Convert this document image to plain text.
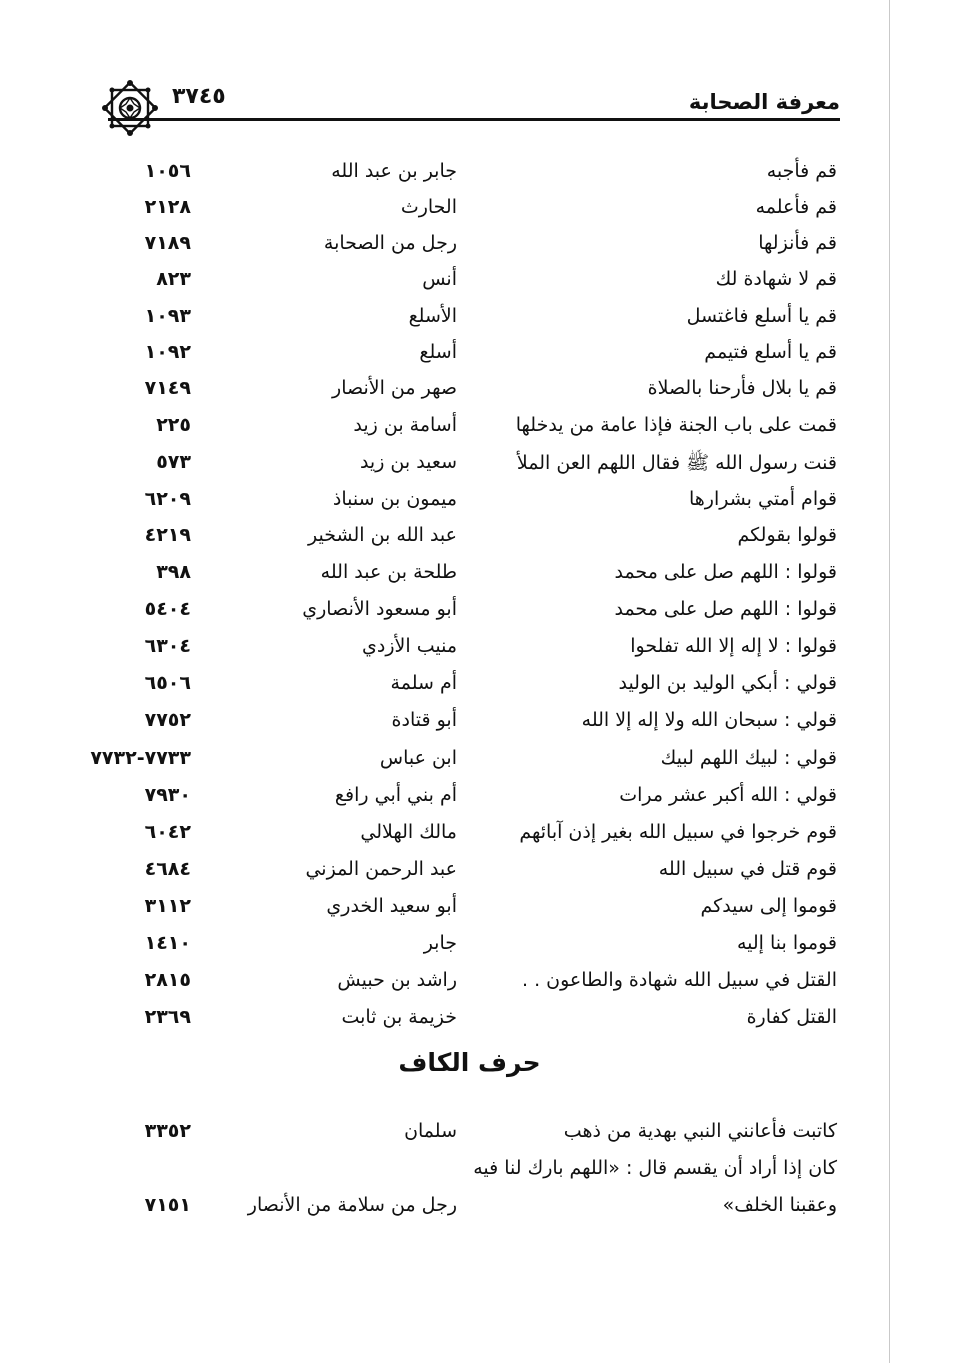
٣٧٤٥	معرفة الصحابة
قم فأجبه
جابر بن عبد الله
١٠٥٦
قم فأعلمه
الحارث
٢١٢٨
قم فأنزلها
رجل من الصحابة
٧١٨٩
قم لا شهادة لك
أنس
٨٢٣
قم يا أسلع فاغتسل
الأسلع
١٠٩٣
قم يا أسلع فتيمم
أسلع
١٠٩٢
قم يا بلال فأرحنا بالصلاة
صهر من الأنصار
٧١٤٩
قمت على باب الجنة فإذا عامة من يدخلها
أسامة بن زيد
٢٢٥
قنت رسول الله ﷺ فقال اللهم العن الملأ
سعيد بن زيد
٥٧٣
قوام أمتي بشرارها
ميمون بن سنباذ
٦٢٠٩
قولوا بقولكم
عبد الله بن الشخير
٤٢١٩
قولوا : اللهم صل على محمد
طلحة بن عبد الله
٣٩٨
قولوا : اللهم صل على محمد
أبو مسعود الأنصاري
٥٤٠٤
قولوا : لا إله إلا الله تفلحوا
منيب الأزدي
٦٣٠٤
قولي : أبكي الوليد بن الوليد
أم سلمة
٦٥٠٦
قولي : سبحان الله ولا إله إلا الله
أبو قتادة
٧٧٥٢
قولي : لبيك اللهم لبيك
ابن عباس
٧٧٣٣-٧٧٣٢
قولي : الله أكبر عشر مرات
أم بني أبي رافع
٧٩٣٠
قوم خرجوا في سبيل الله بغير إذن آبائهم
مالك الهلالي
٦٠٤٢
قوم قتل في سبيل الله
عبد الرحمن المزني
٤٦٨٤
قوموا إلى سيدكم
أبو سعيد الخدري
٣١١٢
قوموا بنا إليه
جابر
١٤١٠
القتل في سبيل الله شهادة والطاعون . .
راشد بن حبيش
٢٨١٥
القتل كفارة
خزيمة بن ثابت
٢٣٦٩
حرف الكاف
كاتبت فأعانني النبي بهدية من ذهب
سلمان
٣٣٥٢
كان إذا أراد أن يقسم قال : «اللهم بارك لنا فيه
وعقبنا الخلف»
رجل من سلامة من الأنصار
٧١٥١
